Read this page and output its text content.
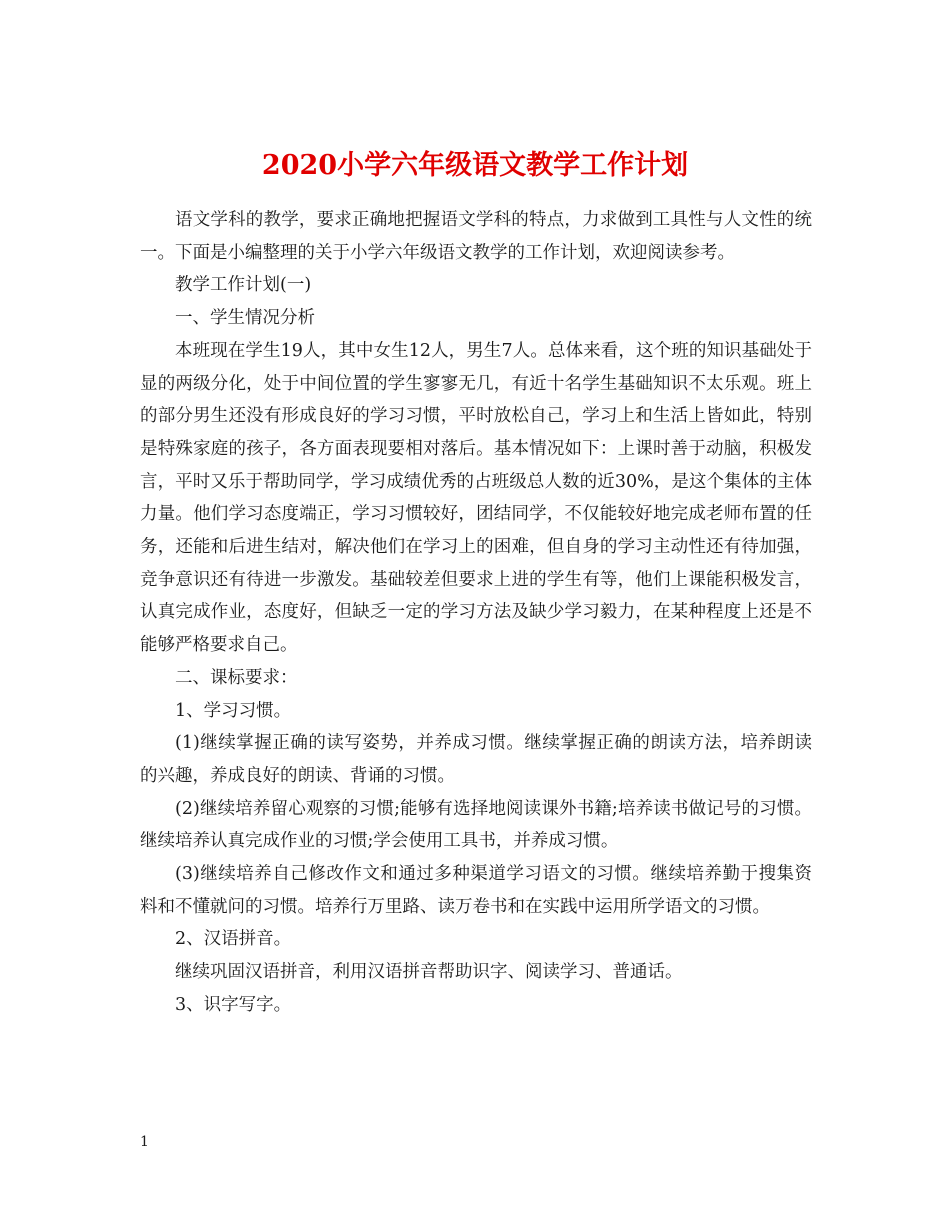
2020小学六年级语文教学工作计划

语文学科的教学，要求正确地把握语文学科的特点，力求做到工具性与人文性的统一。下面是小编整理的关于小学六年级语文教学的工作计划，欢迎阅读参考。

教学工作计划(一)

一、学生情况分析

本班现在学生19人，其中女生12人，男生7人。总体来看，这个班的知识基础处于显的两级分化，处于中间位置的学生寥寥无几，有近十名学生基础知识不太乐观。班上的部分男生还没有形成良好的学习习惯，平时放松自己，学习上和生活上皆如此，特别是特殊家庭的孩子，各方面表现要相对落后。基本情况如下：上课时善于动脑，积极发言，平时又乐于帮助同学，学习成绩优秀的占班级总人数的近30%，是这个集体的主体力量。他们学习态度端正，学习习惯较好，团结同学，不仅能较好地完成老师布置的任务，还能和后进生结对，解决他们在学习上的困难，但自身的学习主动性还有待加强，竞争意识还有待进一步激发。基础较差但要求上进的学生有等，他们上课能积极发言，认真完成作业，态度好，但缺乏一定的学习方法及缺少学习毅力，在某种程度上还是不能够严格要求自己。

二、课标要求：

1、学习习惯。

(1)继续掌握正确的读写姿势，并养成习惯。继续掌握正确的朗读方法，培养朗读的兴趣，养成良好的朗读、背诵的习惯。

(2)继续培养留心观察的习惯;能够有选择地阅读课外书籍;培养读书做记号的习惯。继续培养认真完成作业的习惯;学会使用工具书，并养成习惯。

(3)继续培养自己修改作文和通过多种渠道学习语文的习惯。继续培养勤于搜集资料和不懂就问的习惯。培养行万里路、读万卷书和在实践中运用所学语文的习惯。

2、汉语拼音。

继续巩固汉语拼音，利用汉语拼音帮助识字、阅读学习、普通话。

3、识字写字。

1
